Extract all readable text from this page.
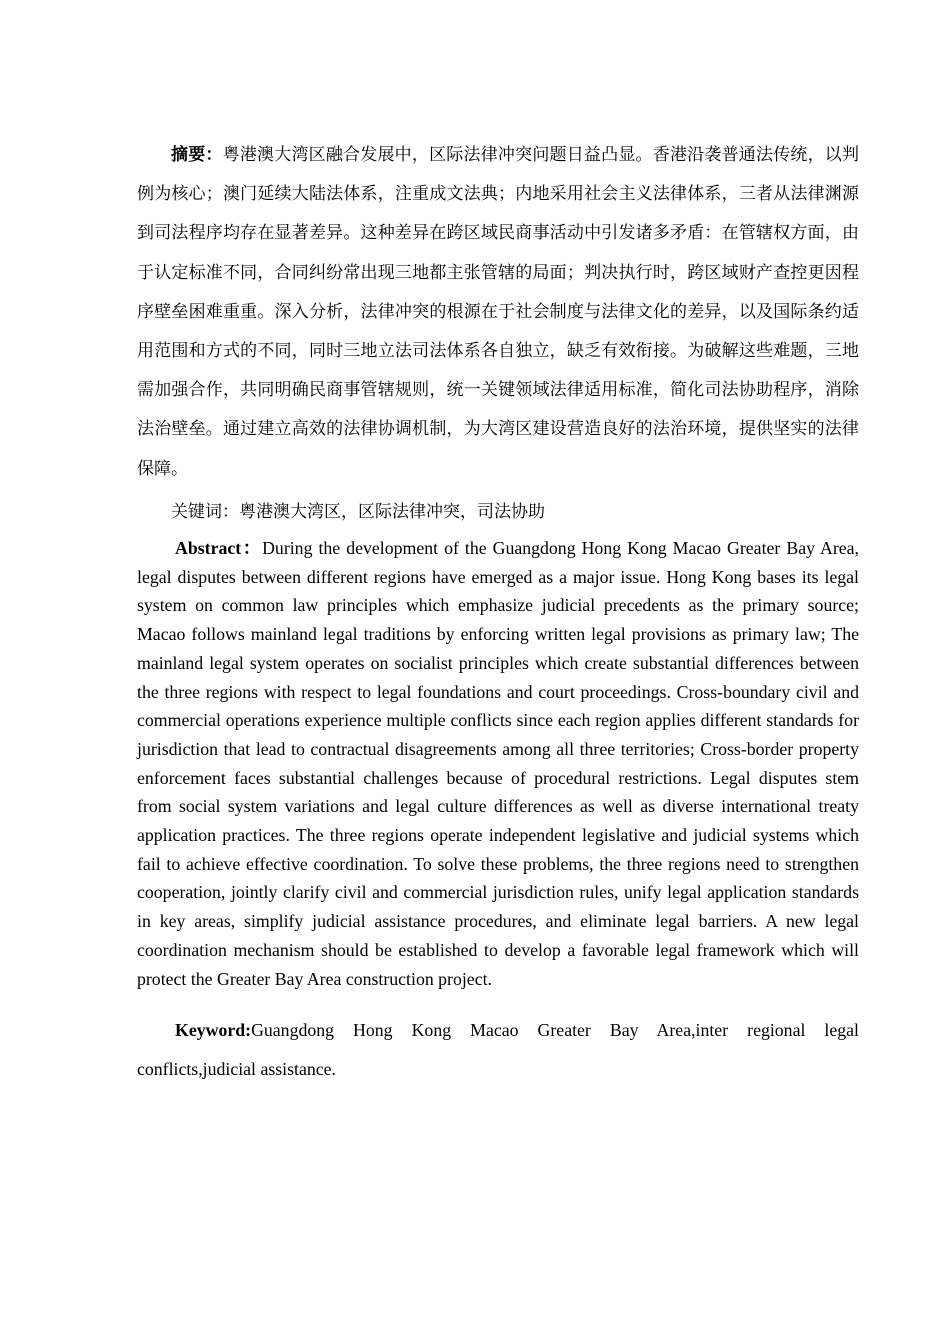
摘要：粤港澳大湾区融合发展中，区际法律冲突问题日益凸显。香港沿袭普通法传统，以判例为核心；澳门延续大陆法体系，注重成文法典；内地采用社会主义法律体系，三者从法律渊源到司法程序均存在显著差异。这种差异在跨区域民商事活动中引发诸多矛盾：在管辖权方面，由于认定标准不同，合同纠纷常出现三地都主张管辖的局面；判决执行时，跨区域财产查控更因程序壁垒困难重重。深入分析，法律冲突的根源在于社会制度与法律文化的差异，以及国际条约适用范围和方式的不同，同时三地立法司法体系各自独立，缺乏有效衔接。为破解这些难题，三地需加强合作，共同明确民商事管辖规则，统一关键领域法律适用标准，简化司法协助程序，消除法治壁垒。通过建立高效的法律协调机制，为大湾区建设营造良好的法治环境，提供坚实的法律保障。

关键词：粤港澳大湾区，区际法律冲突，司法协助

Abstract：During the development of the Guangdong Hong Kong Macao Greater Bay Area, legal disputes between different regions have emerged as a major issue. Hong Kong bases its legal system on common law principles which emphasize judicial precedents as the primary source; Macao follows mainland legal traditions by enforcing written legal provisions as primary law; The mainland legal system operates on socialist principles which create substantial differences between the three regions with respect to legal foundations and court proceedings. Cross-boundary civil and commercial operations experience multiple conflicts since each region applies different standards for jurisdiction that lead to contractual disagreements among all three territories; Cross-border property enforcement faces substantial challenges because of procedural restrictions. Legal disputes stem from social system variations and legal culture differences as well as diverse international treaty application practices. The three regions operate independent legislative and judicial systems which fail to achieve effective coordination. To solve these problems, the three regions need to strengthen cooperation, jointly clarify civil and commercial jurisdiction rules, unify legal application standards in key areas, simplify judicial assistance procedures, and eliminate legal barriers. A new legal coordination mechanism should be established to develop a favorable legal framework which will protect the Greater Bay Area construction project.

Keyword:Guangdong Hong Kong Macao Greater Bay Area,inter regional legal conflicts,judicial assistance.
